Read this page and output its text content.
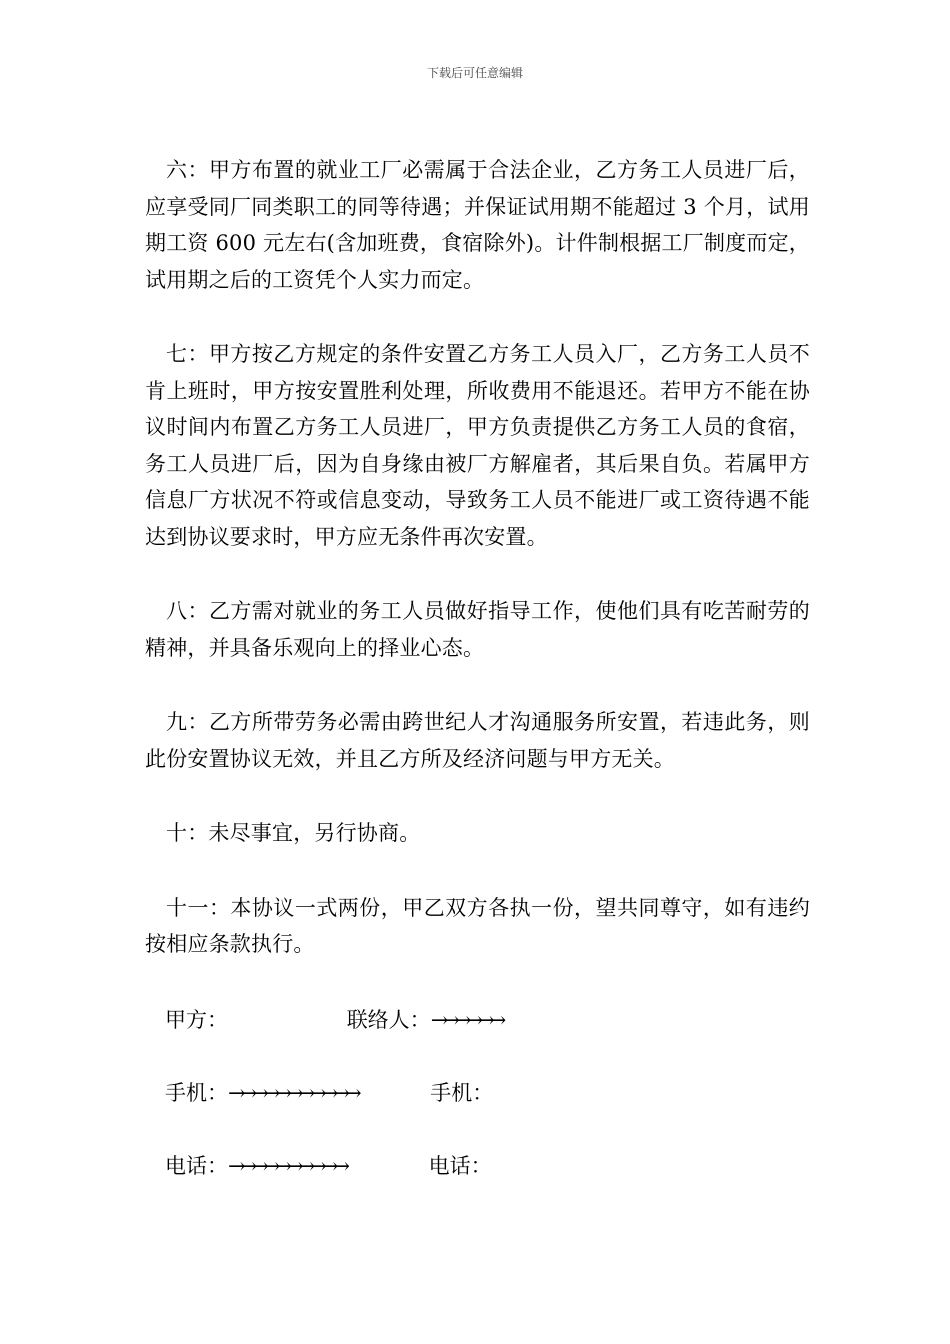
下载后可任意编辑

六：甲方布置的就业工厂必需属于合法企业，乙方务工人员进厂后，应享受同厂同类职工的同等待遇；并保证试用期不能超过 3 个月，试用期工资 600 元左右(含加班费，食宿除外)。计件制根据工厂制度而定，试用期之后的工资凭个人实力而定。

七：甲方按乙方规定的条件安置乙方务工人员入厂，乙方务工人员不肯上班时，甲方按安置胜利处理，所收费用不能退还。若甲方不能在协议时间内布置乙方务工人员进厂，甲方负责提供乙方务工人员的食宿，务工人员进厂后，因为自身缘由被厂方解雇者，其后果自负。若属甲方信息厂方状况不符或信息变动，导致务工人员不能进厂或工资待遇不能达到协议要求时，甲方应无条件再次安置。

八：乙方需对就业的务工人员做好指导工作，使他们具有吃苦耐劳的精神，并具备乐观向上的择业心态。

九：乙方所带劳务必需由跨世纪人才沟通服务所安置，若违此务，则此份安置协议无效，并且乙方所及经济问题与甲方无关。

十：未尽事宜，另行协商。

十一：本协议一式两份，甲乙双方各执一份，望共同尊守，如有违约按相应条款执行。

甲方：	联络人：→→→→→→
手机：→→→→→→→→→→→	手机：
电话：→→→→→→→→→→	电话：
